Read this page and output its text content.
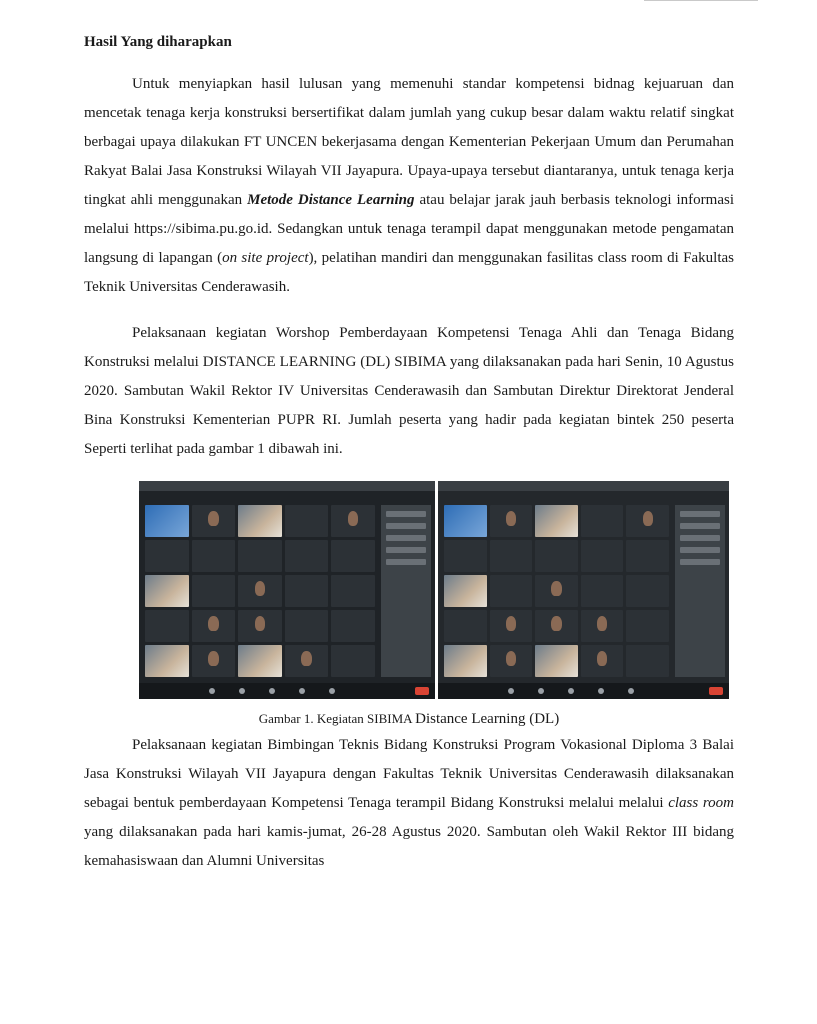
Hasil Yang diharapkan

Untuk menyiapkan hasil lulusan yang memenuhi standar kompetensi bidnag kejuaruan dan mencetak tenaga kerja konstruksi bersertifikat dalam jumlah yang cukup besar dalam waktu relatif singkat berbagai upaya dilakukan FT UNCEN bekerjasama dengan Kementerian Pekerjaan Umum dan Perumahan Rakyat Balai Jasa Konstruksi Wilayah VII Jayapura. Upaya-upaya tersebut diantaranya, untuk tenaga kerja tingkat ahli menggunakan Metode Distance Learning atau belajar jarak jauh berbasis teknologi informasi melalui https://sibima.pu.go.id. Sedangkan untuk tenaga terampil dapat menggunakan metode pengamatan langsung di lapangan (on site project), pelatihan mandiri dan menggunakan fasilitas class room di Fakultas Teknik Universitas Cenderawasih.

Pelaksanaan kegiatan Worshop Pemberdayaan Kompetensi Tenaga Ahli dan Tenaga Bidang Konstruksi melalui DISTANCE LEARNING (DL) SIBIMA yang dilaksanakan pada hari Senin, 10 Agustus 2020. Sambutan Wakil Rektor IV Universitas Cenderawasih dan Sambutan Direktur Direktorat Jenderal Bina Konstruksi Kementerian PUPR RI. Jumlah peserta yang hadir pada kegiatan bintek 250 peserta Seperti terlihat pada gambar 1 dibawah ini.

Gambar 1. Kegiatan SIBIMA Distance Learning (DL)

Pelaksanaan kegiatan Bimbingan Teknis Bidang Konstruksi Program Vokasional Diploma 3 Balai Jasa Konstruksi Wilayah VII Jayapura dengan Fakultas Teknik Universitas Cenderawasih dilaksanakan sebagai bentuk pemberdayaan Kompetensi Tenaga terampil Bidang Konstruksi melalui melalui class room yang dilaksanakan pada hari kamis-jumat, 26-28 Agustus 2020. Sambutan oleh Wakil Rektor III bidang kemahasiswaan dan Alumni Universitas
